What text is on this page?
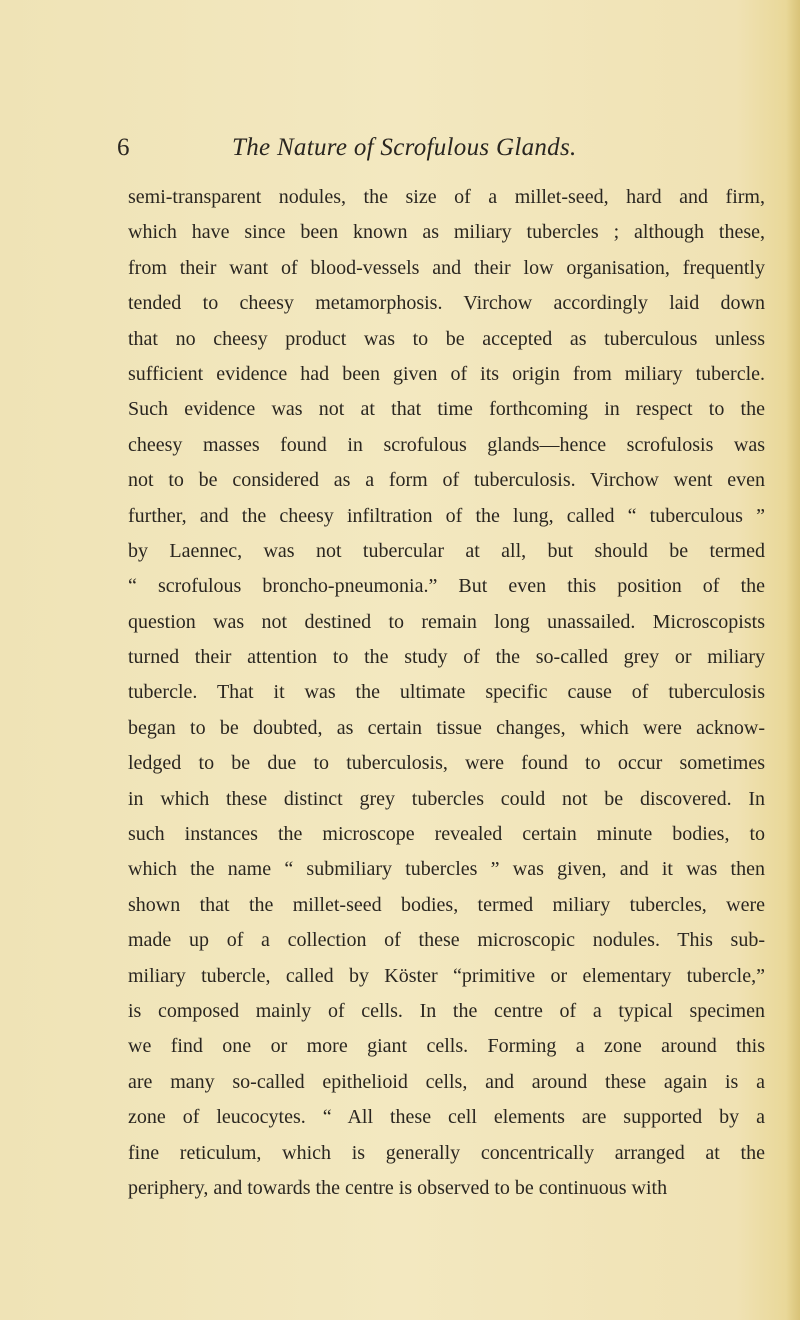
6	The Nature of Scrofulous Glands.
semi-transparent nodules, the size of a millet-seed, hard and firm,
which have since been known as miliary tubercles ; although these,
from their want of blood-vessels and their low organisation, frequently
tended to cheesy metamorphosis. Virchow accordingly laid down
that no cheesy product was to be accepted as tuberculous unless
sufficient evidence had been given of its origin from miliary tubercle.
Such evidence was not at that time forthcoming in respect to the
cheesy masses found in scrofulous glands—hence scrofulosis was
not to be considered as a form of tuberculosis. Virchow went even
further, and the cheesy infiltration of the lung, called “ tuberculous ”
by Laennec, was not tubercular at all, but should be termed
“ scrofulous broncho-pneumonia.” But even this position of the
question was not destined to remain long unassailed. Microscopists
turned their attention to the study of the so-called grey or miliary
tubercle. That it was the ultimate specific cause of tuberculosis
began to be doubted, as certain tissue changes, which were acknow-
ledged to be due to tuberculosis, were found to occur sometimes
in which these distinct grey tubercles could not be discovered. In
such instances the microscope revealed certain minute bodies, to
which the name “ submiliary tubercles ” was given, and it was then
shown that the millet-seed bodies, termed miliary tubercles, were
made up of a collection of these microscopic nodules. This sub-
miliary tubercle, called by Köster “primitive or elementary tubercle,”
is composed mainly of cells. In the centre of a typical specimen
we find one or more giant cells. Forming a zone around this
are many so-called epithelioid cells, and around these again is a
zone of leucocytes. “ All these cell elements are supported by a
fine reticulum, which is generally concentrically arranged at the
periphery, and towards the centre is observed to be continuous with
